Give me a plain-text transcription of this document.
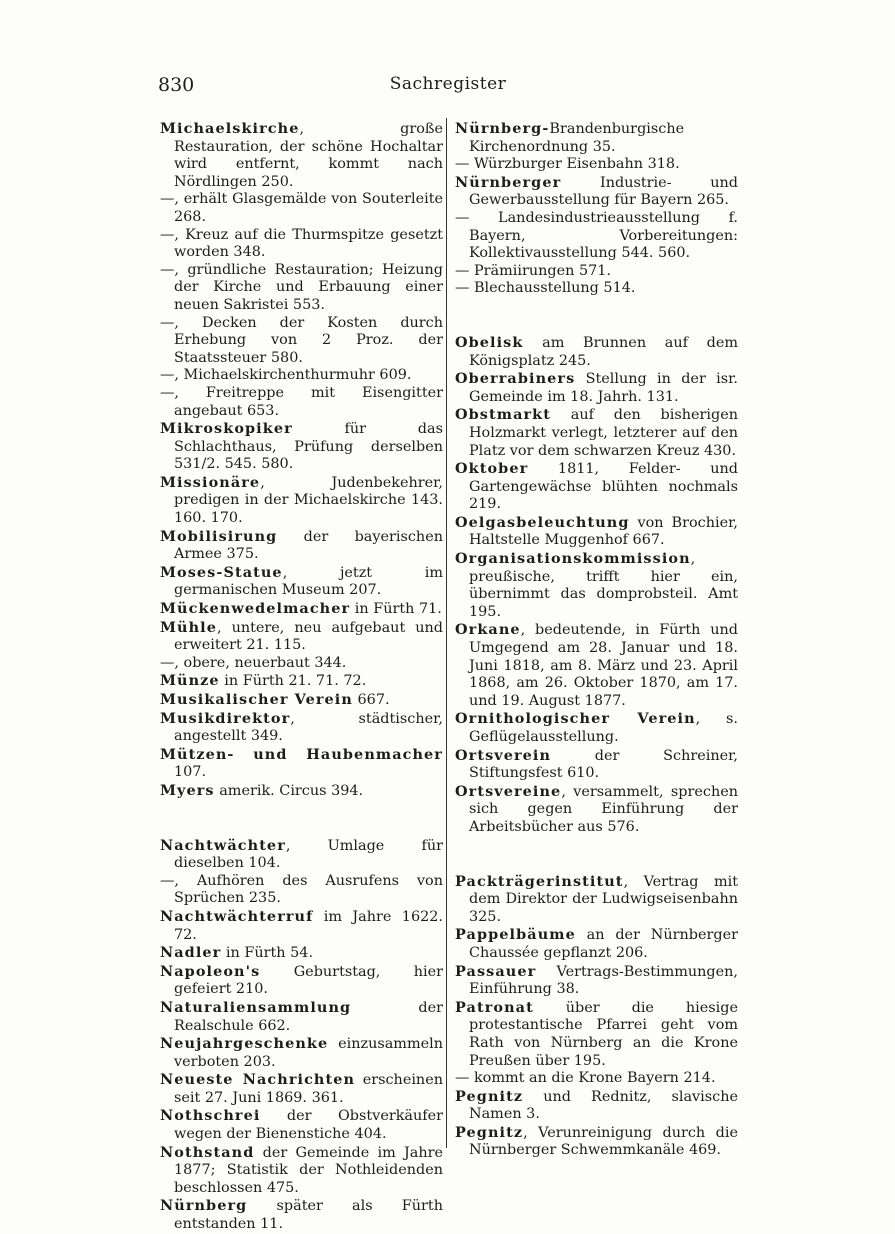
830	Sachregister

Michaelskirche, große Restauration, der schöne Hochaltar wird entfernt, kommt nach Nördlingen 250.

—, erhält Glasgemälde von Souterleite 268.

—, Kreuz auf die Thurmspitze gesetzt worden 348.

—, gründliche Restauration; Heizung der Kirche und Erbauung einer neuen Sakristei 553.

—, Decken der Kosten durch Erhebung von 2 Proz. der Staatssteuer 580.

—, Michaelskirchenthurmuhr 609.

—, Freitreppe mit Eisengitter angebaut 653.

Mikroskopiker für das Schlachthaus, Prüfung derselben 531/2. 545. 580.

Missionäre, Judenbekehrer, predigen in der Michaelskirche 143. 160. 170.

Mobilisirung der bayerischen Armee 375.

Moses-Statue, jetzt im germanischen Museum 207.

Mückenwedelmacher in Fürth 71.

Mühle, untere, neu aufgebaut und erweitert 21. 115.

—, obere, neuerbaut 344.

Münze in Fürth 21. 71. 72.

Musikalischer Verein 667.

Musikdirektor, städtischer, angestellt 349.

Mützen- und Haubenmacher 107.

Myers amerik. Circus 394.

Nachtwächter, Umlage für dieselben 104.

—, Aufhören des Ausrufens von Sprüchen 235.

Nachtwächterruf im Jahre 1622. 72.

Nadler in Fürth 54.

Napoleon's Geburtstag, hier gefeiert 210.

Naturaliensammlung der Realschule 662.

Neujahrgeschenke einzusammeln verboten 203.

Neueste Nachrichten erscheinen seit 27. Juni 1869. 361.

Nothschrei der Obstverkäufer wegen der Bienenstiche 404.

Nothstand der Gemeinde im Jahre 1877; Statistik der Nothleidenden beschlossen 475.

Nürnberg später als Fürth entstanden 11.

Nürnberg-Brandenburgische Kirchenordnung 35.

— Würzburger Eisenbahn 318.

Nürnberger Industrie- und Gewerbausstellung für Bayern 265.

— Landesindustrieausstellung f. Bayern, Vorbereitungen: Kollektivausstellung 544. 560.

— Prämiirungen 571.

— Blechausstellung 514.

Obelisk am Brunnen auf dem Königsplatz 245.

Oberrabiners Stellung in der isr. Gemeinde im 18. Jahrh. 131.

Obstmarkt auf den bisherigen Holzmarkt verlegt, letzterer auf den Platz vor dem schwarzen Kreuz 430.

Oktober 1811, Felder- und Gartengewächse blühten nochmals 219.

Oelgasbeleuchtung von Brochier, Haltstelle Muggenhof 667.

Organisationskommission, preußische, trifft hier ein, übernimmt das domprobsteil. Amt 195.

Orkane, bedeutende, in Fürth und Umgegend am 28. Januar und 18. Juni 1818, am 8. März und 23. April 1868, am 26. Oktober 1870, am 17. und 19. August 1877.

Ornithologischer Verein, s. Geflügelausstellung.

Ortsverein der Schreiner, Stiftungsfest 610.

Ortsvereine, versammelt, sprechen sich gegen Einführung der Arbeitsbücher aus 576.

Packträgerinstitut, Vertrag mit dem Direktor der Ludwigseisenbahn 325.

Pappelbäume an der Nürnberger Chaussée gepflanzt 206.

Passauer Vertrags-Bestimmungen, Einführung 38.

Patronat über die hiesige protestantische Pfarrei geht vom Rath von Nürnberg an die Krone Preußen über 195.

— kommt an die Krone Bayern 214.

Pegnitz und Rednitz, slavische Namen 3.

Pegnitz, Verunreinigung durch die Nürnberger Schwemmkanäle 469.
